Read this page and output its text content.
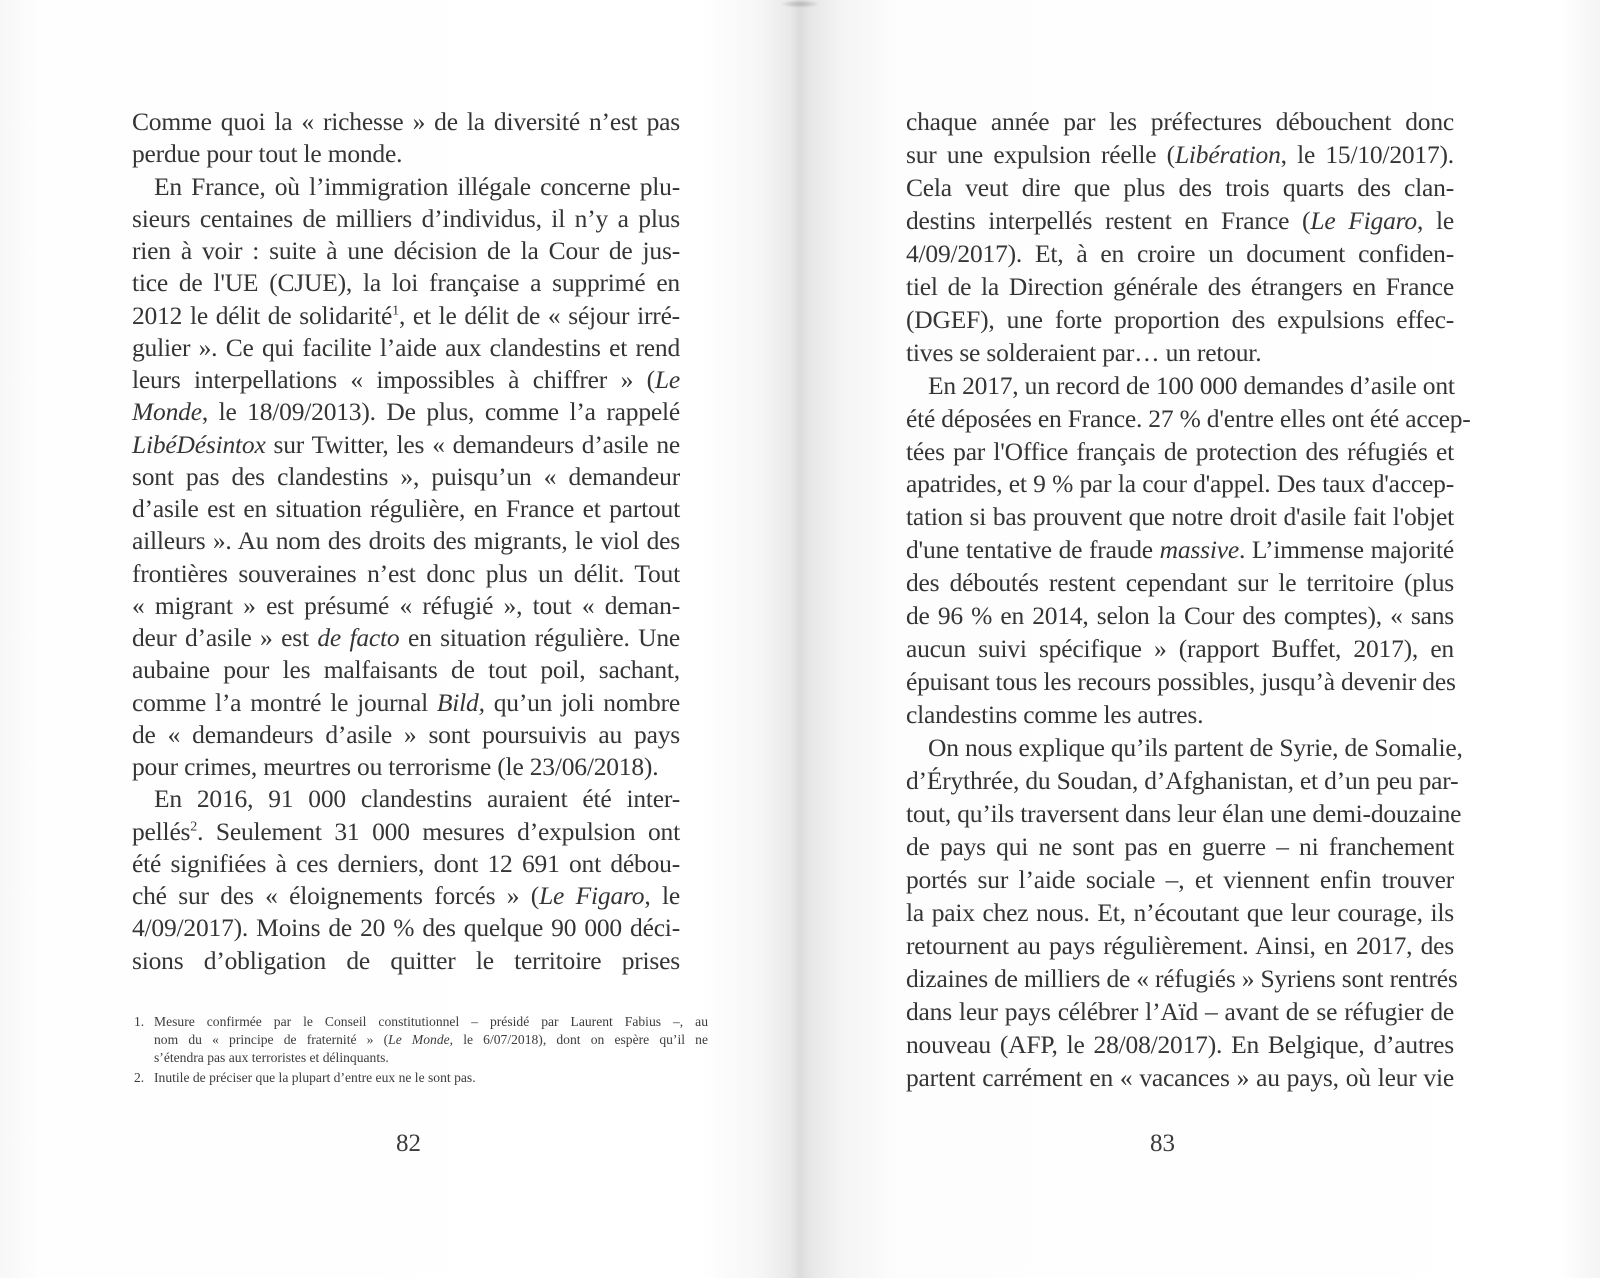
Comme quoi la « richesse » de la diversité n’est pas
perdue pour tout le monde.
En France, où l’immigration illégale concerne plu-
sieurs centaines de milliers d’individus, il n’y a plus
rien à voir : suite à une décision de la Cour de jus-
tice de l'UE (CJUE), la loi française a supprimé en
2012 le délit de solidarité$^1$, et le délit de « séjour irré-
gulier ». Ce qui facilite l’aide aux clandestins et rend
leurs interpellations « impossibles à chiffrer » (Le
Monde, le 18/09/2013). De plus, comme l’a rappelé
LibéDésintox sur Twitter, les « demandeurs d’asile ne
sont pas des clandestins », puisqu’un « demandeur
d’asile est en situation régulière, en France et partout
ailleurs ». Au nom des droits des migrants, le viol des
frontières souveraines n’est donc plus un délit. Tout
« migrant » est présumé « réfugié », tout « deman-
deur d’asile » est de facto en situation régulière. Une
aubaine pour les malfaisants de tout poil, sachant,
comme l’a montré le journal Bild, qu’un joli nombre
de « demandeurs d’asile » sont poursuivis au pays
pour crimes, meurtres ou terrorisme (le 23/06/2018).
En 2016, 91 000 clandestins auraient été inter-
pellés$^2$. Seulement 31 000 mesures d’expulsion ont
été signifiées à ces derniers, dont 12 691 ont débou-
ché sur des « éloignements forcés » (Le Figaro, le
4/09/2017). Moins de 20 % des quelque 90 000 déci-
sions d’obligation de quitter le territoire prises
1. Mesure confirmée par le Conseil constitutionnel – présidé par Laurent Fabius –, au
nom du « principe de fraternité » (Le Monde, le 6/07/2018), dont on espère qu’il ne
s’étendra pas aux terroristes et délinquants.
2. Inutile de préciser que la plupart d’entre eux ne le sont pas.
82
chaque année par les préfectures débouchent donc
sur une expulsion réelle (Libération, le 15/10/2017).
Cela veut dire que plus des trois quarts des clan-
destins interpellés restent en France (Le Figaro, le
4/09/2017). Et, à en croire un document confiden-
tiel de la Direction générale des étrangers en France
(DGEF), une forte proportion des expulsions effec-
tives se solderaient par… un retour.
En 2017, un record de 100 000 demandes d’asile ont
été déposées en France. 27 % d'entre elles ont été accep-
tées par l'Office français de protection des réfugiés et
apatrides, et 9 % par la cour d'appel. Des taux d'accep-
tation si bas prouvent que notre droit d'asile fait l'objet
d'une tentative de fraude massive. L’immense majorité
des déboutés restent cependant sur le territoire (plus
de 96 % en 2014, selon la Cour des comptes), « sans
aucun suivi spécifique » (rapport Buffet, 2017), en
épuisant tous les recours possibles, jusqu’à devenir des
clandestins comme les autres.
On nous explique qu’ils partent de Syrie, de Somalie,
d’Érythrée, du Soudan, d’Afghanistan, et d’un peu par-
tout, qu’ils traversent dans leur élan une demi-douzaine
de pays qui ne sont pas en guerre – ni franchement
portés sur l’aide sociale –, et viennent enfin trouver
la paix chez nous. Et, n’écoutant que leur courage, ils
retournent au pays régulièrement. Ainsi, en 2017, des
dizaines de milliers de « réfugiés » Syriens sont rentrés
dans leur pays célébrer l’Aïd – avant de se réfugier de
nouveau (AFP, le 28/08/2017). En Belgique, d’autres
partent carrément en « vacances » au pays, où leur vie
83
